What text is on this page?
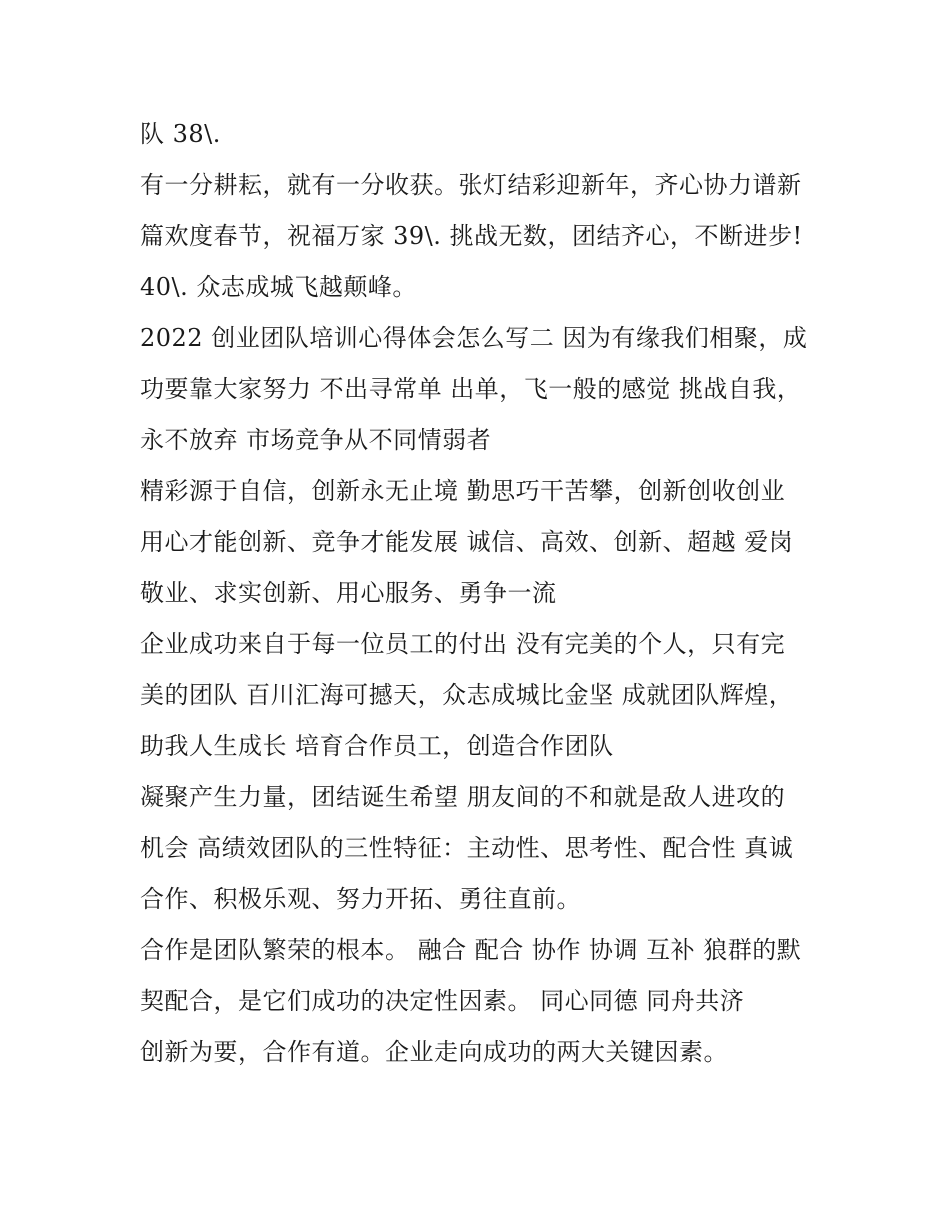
队 38\.
有一分耕耘，就有一分收获。张灯结彩迎新年，齐心协力谱新
篇欢度春节，祝福万家 39\. 挑战无数，团结齐心，不断进步!
40\. 众志成城飞越颠峰。
2022 创业团队培训心得体会怎么写二 因为有缘我们相聚，成
功要靠大家努力 不出寻常单 出单，飞一般的感觉 挑战自我，
永不放弃 市场竞争从不同情弱者
精彩源于自信，创新永无止境 勤思巧干苦攀，创新创收创业
用心才能创新、竞争才能发展 诚信、高效、创新、超越 爱岗
敬业、求实创新、用心服务、勇争一流
企业成功来自于每一位员工的付出 没有完美的个人，只有完
美的团队 百川汇海可撼天，众志成城比金坚 成就团队辉煌，
助我人生成长 培育合作员工，创造合作团队
凝聚产生力量，团结诞生希望 朋友间的不和就是敌人进攻的
机会 高绩效团队的三性特征：主动性、思考性、配合性 真诚
合作、积极乐观、努力开拓、勇往直前。
合作是团队繁荣的根本。 融合 配合 协作 协调 互补 狼群的默
契配合，是它们成功的决定性因素。 同心同德 同舟共济
创新为要，合作有道。企业走向成功的两大关键因素。
